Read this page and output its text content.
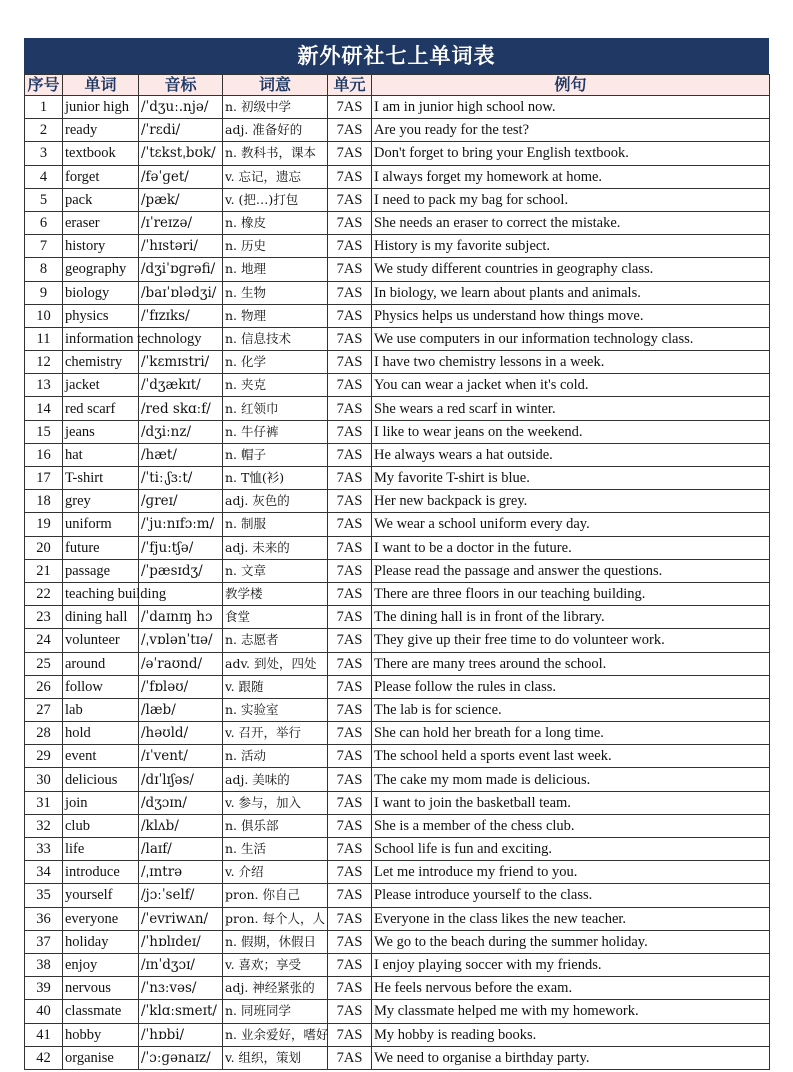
新外研社七上单词表
序号	单词	音标	词意	单元	例句
1	junior high	/ˈdʒuː.njə/	n. 初级中学	7AS	I am in junior high school now.
2	ready	/ˈrɛdi/	adj. 准备好的	7AS	Are you ready for the test?
3	textbook	/ˈtɛkstˌbʊk/	n. 教科书，课本	7AS	Don't forget to bring your English textbook.
4	forget	/fəˈɡet/	v. 忘记，遗忘	7AS	I always forget my homework at home.
5	pack	/pæk/	v. (把…)打包	7AS	I need to pack my bag for school.
6	eraser	/ɪˈreɪzə/	n. 橡皮	7AS	She needs an eraser to correct the mistake.
7	history	/ˈhɪstəri/	n. 历史	7AS	History is my favorite subject.
8	geography	/dʒiˈɒɡrəfi/	n. 地理	7AS	We study different countries in geography class.
9	biology	/baɪˈɒlədʒi/	n. 生物	7AS	In biology, we learn about plants and animals.
10	physics	/ˈfɪzɪks/	n. 物理	7AS	Physics helps us understand how things move.
11	information technology		n. 信息技术	7AS	We use computers in our information technology class.
12	chemistry	/ˈkɛmɪstri/	n. 化学	7AS	I have two chemistry lessons in a week.
13	jacket	/ˈdʒækɪt/	n. 夹克	7AS	You can wear a jacket when it's cold.
14	red scarf	/red skɑːf/	n. 红领巾	7AS	She wears a red scarf in winter.
15	jeans	/dʒiːnz/	n. 牛仔裤	7AS	I like to wear jeans on the weekend.
16	hat	/hæt/	n. 帽子	7AS	He always wears a hat outside.
17	T-shirt	/ˈtiːˌʃɜːt/	n. T恤(衫)	7AS	My favorite T-shirt is blue.
18	grey	/ɡreɪ/	adj. 灰色的	7AS	Her new backpack is grey.
19	uniform	/ˈjuːnɪfɔːm/	n. 制服	7AS	We wear a school uniform every day.
20	future	/ˈfjuːtʃə/	adj. 未来的	7AS	I want to be a doctor in the future.
21	passage	/ˈpæsɪdʒ/	n. 文章	7AS	Please read the passage and answer the questions.
22	teaching building		教学楼	7AS	There are three floors in our teaching building.
23	dining hall	/ˈdaɪnɪŋ hɔ	食堂	7AS	The dining hall is in front of the library.
24	volunteer	/ˌvɒlənˈtɪə/	n. 志愿者	7AS	They give up their free time to do volunteer work.
25	around	/əˈraʊnd/	adv. 到处，四处	7AS	There are many trees around the school.
26	follow	/ˈfɒləʊ/	v. 跟随	7AS	Please follow the rules in class.
27	lab	/læb/	n. 实验室	7AS	The lab is for science.
28	hold	/həʊld/	v. 召开，举行	7AS	She can hold her breath for a long time.
29	event	/ɪˈvent/	n. 活动	7AS	The school held a sports event last week.
30	delicious	/dɪˈlɪʃəs/	adj. 美味的	7AS	The cake my mom made is delicious.
31	join	/dʒɔɪn/	v. 参与，加入	7AS	I want to join the basketball team.
32	club	/klʌb/	n. 俱乐部	7AS	She is a member of the chess club.
33	life	/laɪf/	n. 生活	7AS	School life is fun and exciting.
34	introduce	/ˌɪntrə	v. 介绍	7AS	Let me introduce my friend to you.
35	yourself	/jɔːˈself/	pron. 你自己	7AS	Please introduce yourself to the class.
36	everyone	/ˈevriwʌn/	pron. 每个人，人	7AS	Everyone in the class likes the new teacher.
37	holiday	/ˈhɒlɪdeɪ/	n. 假期，休假日	7AS	We go to the beach during the summer holiday.
38	enjoy	/ɪnˈdʒɔɪ/	v. 喜欢；享受	7AS	I enjoy playing soccer with my friends.
39	nervous	/ˈnɜːvəs/	adj. 神经紧张的	7AS	He feels nervous before the exam.
40	classmate	/ˈklɑːsmeɪt/	n. 同班同学	7AS	My classmate helped me with my homework.
41	hobby	/ˈhɒbi/	n. 业余爱好，嗜好	7AS	My hobby is reading books.
42	organise	/ˈɔːɡənaɪz/	v. 组织，策划	7AS	We need to organise a birthday party.
